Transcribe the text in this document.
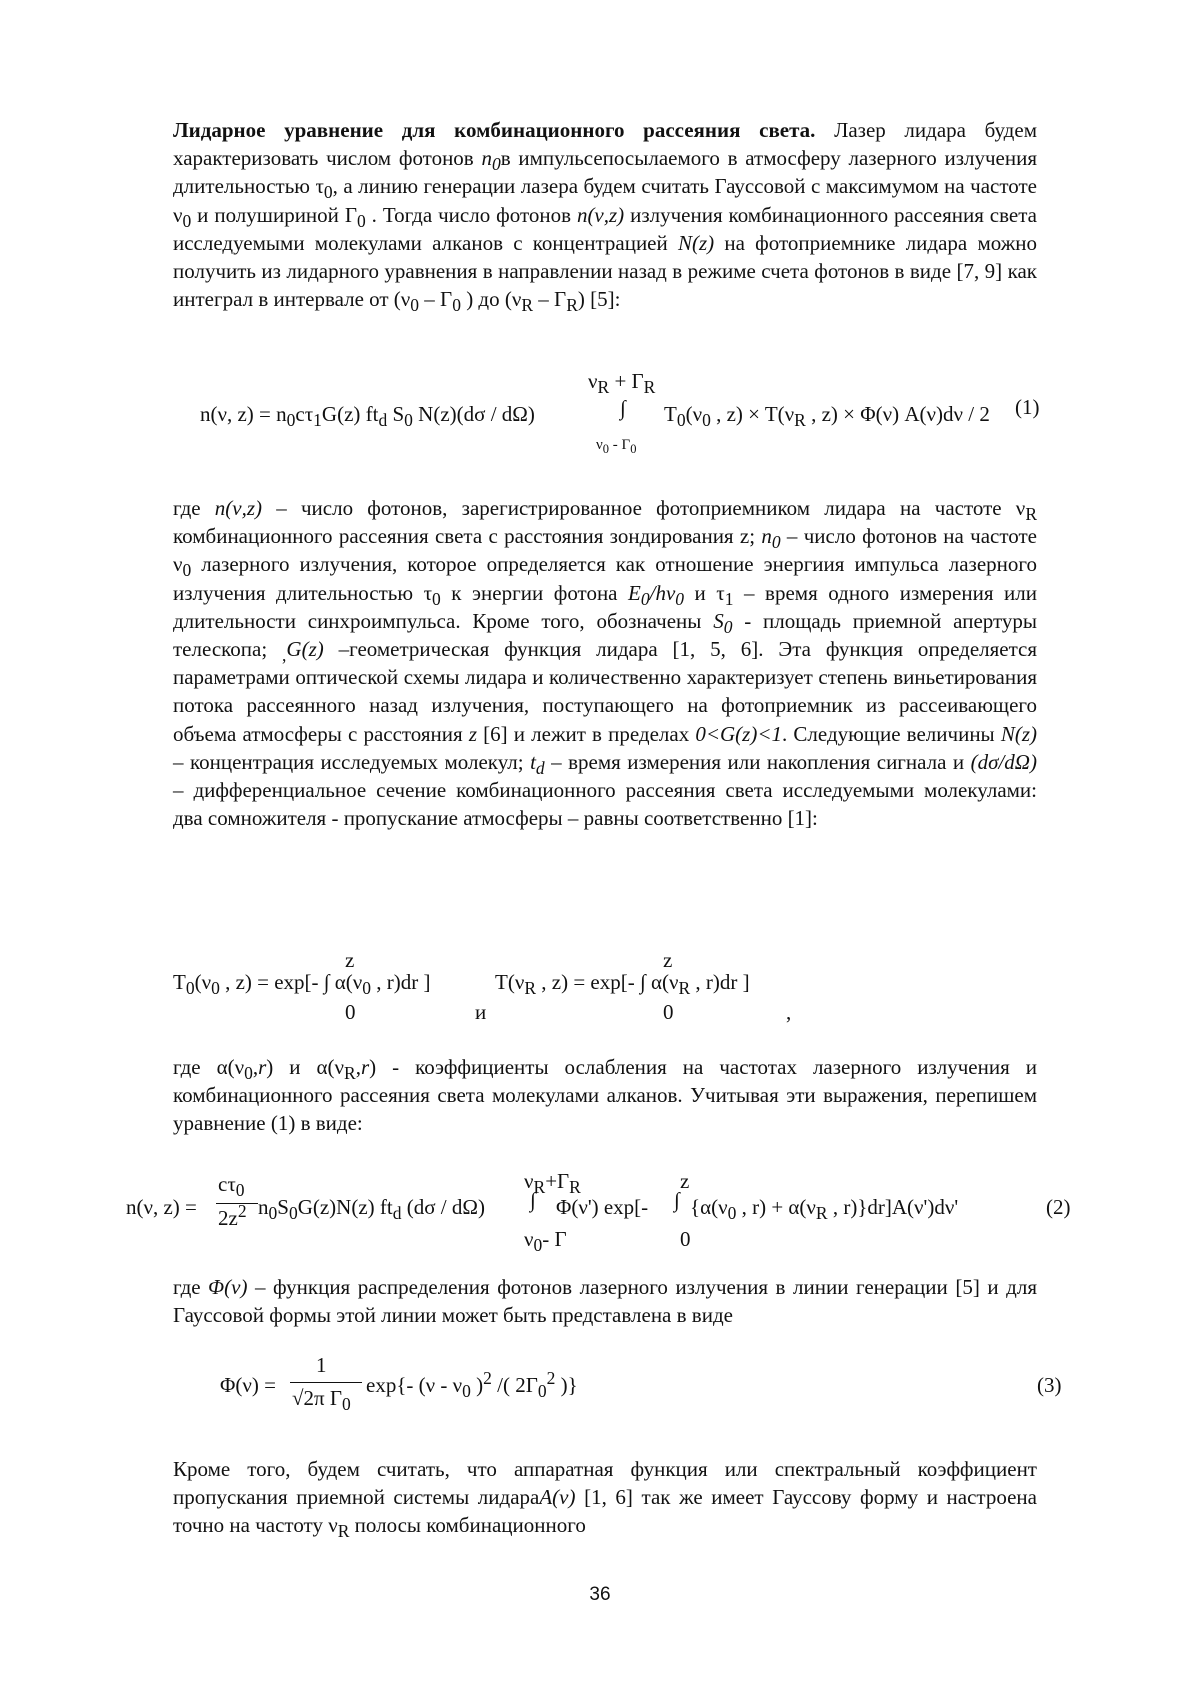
Лидарное уравнение для комбинационного рассеяния света. Лазер лидара будем характеризовать числом фотонов n0в импульсепосылаемого в атмосферу лазерного излучения длительностью τ0, а линию генерации лазера будем считать Гауссовой с максимумом на частоте ν0 и полушириной Γ0 . Тогда число фотонов n(ν,z) излучения комбинационного рассеяния света исследуемыми молекулами алканов с концентрацией N(z) на фотоприемнике лидара можно получить из лидарного уравнения в направлении назад в режиме счета фотонов в виде [7, 9] как интеграл в интервале от (ν0 – Γ0 ) до (νR – ΓR) [5]:

νR + ΓR
n(ν, z) = n0cτ1G(z) ftd S0 N(z)(dσ / dΩ)	∫ T0(ν0 , z) × T(νR , z) × Φ(ν) A(ν)dν / 2
ν0 - Γ0
(1)

где n(ν,z) – число фотонов, зарегистрированное фотоприемником лидара на частоте νR комбинационного рассеяния света с расстояния зондирования z; n0 – число фотонов на частоте ν0 лазерного излучения, которое определяется как отношение энергиия импульса лазерного излучения длительностью τ0 к энергии фотона E0/hν0 и τ1 – время одного измерения или длительности синхроимпульса. Кроме того, обозначены S0 - площадь приемной апертуры телескопа; ,G(z) –геометрическая функция лидара [1, 5, 6]. Эта функция определяется параметрами оптической схемы лидара и количественно характеризует степень виньетирования потока рассеянного назад излучения, поступающего на фотоприемник из рассеивающего объема атмосферы с расстояния z [6] и лежит в пределах 0<G(z)<1. Следующие величины N(z) – концентрация исследуемых молекул; td – время измерения или накопления сигнала и (dσ/dΩ) – дифференциальное сечение комбинационного рассеяния света исследуемыми молекулами: два сомножителя - пропускание атмосферы – равны соответственно [1]:

z
T0(ν0 , z) = exp[- ∫ α(ν0 , r)dr ]
0	и
z
T(νR , z) = exp[- ∫ α(νR , r)dr ]
0	,

где α(ν0,r) и α(νR,r) - коэффициенты ослабления на частотах лазерного излучения и комбинационного рассеяния света молекулами алканов. Учитывая эти выражения, перепишем уравнение (1) в виде:

n(ν, z) =
cτ0
2z2 n0S0G(z)N(z) ftd (dσ / dΩ)
νR+ΓR
∫
ν0- Γ
Φ(ν') exp[-
z
∫
0
{α(ν0 , r) + α(νR , r)}dr]A(ν')dν'	(2)

где Φ(ν) – функция распределения фотонов лазерного излучения в линии генерации [5] и для Гауссовой формы этой линии может быть представлена в виде

Φ(ν) =
1
√2π Γ0
exp{- (ν - ν0 )2 /( 2Γ02 )}	(3)

Кроме того, будем считать, что аппаратная функция или спектральный коэффициент пропускания приемной системы лидараA(ν) [1, 6] так же имеет Гауссову форму и настроена точно на частоту νR полосы комбинационного

36
